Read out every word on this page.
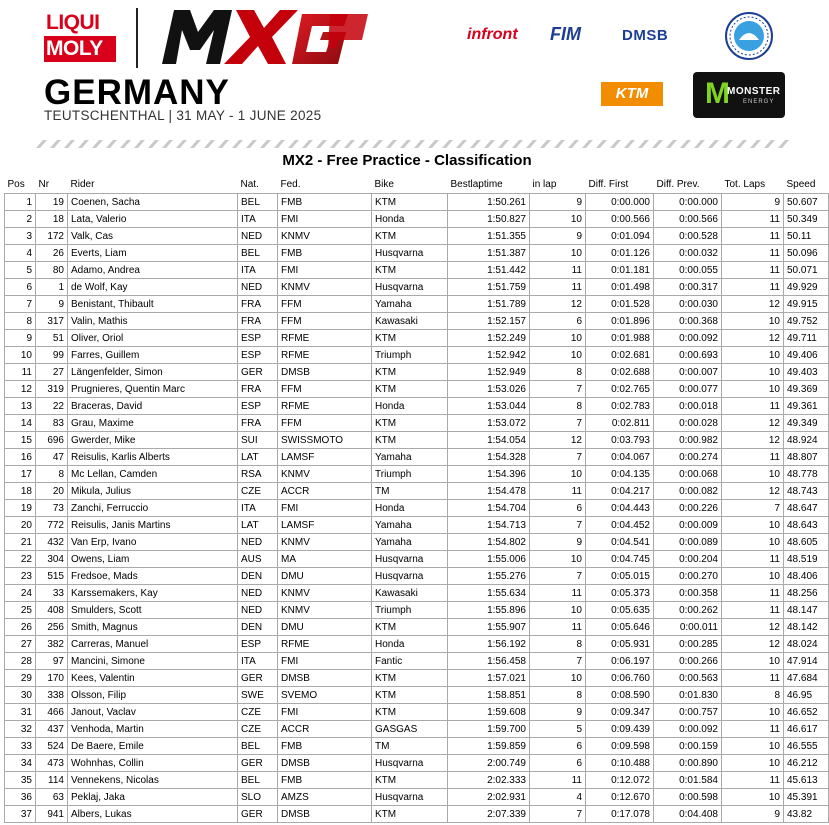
LIQUI
MOLY
MXGP
GERMANY
TEUTSCHENTHAL | 31 MAY - 1 JUNE 2025
infront FIM	DMSB
KTM	M
MONSTER
ENERGY
MX2 - Free Practice - Classification
Pos	Nr	Rider	Nat.	Fed.	Bike	Bestlaptime	in lap	Diff. First	Diff. Prev.	Tot. Laps	Speed
1	19	Coenen, Sacha	BEL	FMB	KTM	1:50.261	9	0:00.000	0:00.000	9	50.607
2	18	Lata, Valerio	ITA	FMI	Honda	1:50.827	10	0:00.566	0:00.566	11	50.349
3	172	Valk, Cas	NED	KNMV	KTM	1:51.355	9	0:01.094	0:00.528	11	50.11
4	26	Everts, Liam	BEL	FMB	Husqvarna	1:51.387	10	0:01.126	0:00.032	11	50.096
5	80	Adamo, Andrea	ITA	FMI	KTM	1:51.442	11	0:01.181	0:00.055	11	50.071
6	1	de Wolf, Kay	NED	KNMV	Husqvarna	1:51.759	11	0:01.498	0:00.317	11	49.929
7	9	Benistant, Thibault	FRA	FFM	Yamaha	1:51.789	12	0:01.528	0:00.030	12	49.915
8	317	Valin, Mathis	FRA	FFM	Kawasaki	1:52.157	6	0:01.896	0:00.368	10	49.752
9	51	Oliver, Oriol	ESP	RFME	KTM	1:52.249	10	0:01.988	0:00.092	12	49.711
10	99	Farres, Guillem	ESP	RFME	Triumph	1:52.942	10	0:02.681	0:00.693	10	49.406
11	27	Längenfelder, Simon	GER	DMSB	KTM	1:52.949	8	0:02.688	0:00.007	10	49.403
12	319	Prugnieres, Quentin Marc	FRA	FFM	KTM	1:53.026	7	0:02.765	0:00.077	10	49.369
13	22	Braceras, David	ESP	RFME	Honda	1:53.044	8	0:02.783	0:00.018	11	49.361
14	83	Grau, Maxime	FRA	FFM	KTM	1:53.072	7	0:02.811	0:00.028	12	49.349
15	696	Gwerder, Mike	SUI	SWISSMOTO	KTM	1:54.054	12	0:03.793	0:00.982	12	48.924
16	47	Reisulis, Karlis Alberts	LAT	LAMSF	Yamaha	1:54.328	7	0:04.067	0:00.274	11	48.807
17	8	Mc Lellan, Camden	RSA	KNMV	Triumph	1:54.396	10	0:04.135	0:00.068	10	48.778
18	20	Mikula, Julius	CZE	ACCR	TM	1:54.478	11	0:04.217	0:00.082	12	48.743
19	73	Zanchi, Ferruccio	ITA	FMI	Honda	1:54.704	6	0:04.443	0:00.226	7	48.647
20	772	Reisulis, Janis Martins	LAT	LAMSF	Yamaha	1:54.713	7	0:04.452	0:00.009	10	48.643
21	432	Van Erp, Ivano	NED	KNMV	Yamaha	1:54.802	9	0:04.541	0:00.089	10	48.605
22	304	Owens, Liam	AUS	MA	Husqvarna	1:55.006	10	0:04.745	0:00.204	11	48.519
23	515	Fredsoe, Mads	DEN	DMU	Husqvarna	1:55.276	7	0:05.015	0:00.270	10	48.406
24	33	Karssemakers, Kay	NED	KNMV	Kawasaki	1:55.634	11	0:05.373	0:00.358	11	48.256
25	408	Smulders, Scott	NED	KNMV	Triumph	1:55.896	10	0:05.635	0:00.262	11	48.147
26	256	Smith, Magnus	DEN	DMU	KTM	1:55.907	11	0:05.646	0:00.011	12	48.142
27	382	Carreras, Manuel	ESP	RFME	Honda	1:56.192	8	0:05.931	0:00.285	12	48.024
28	97	Mancini, Simone	ITA	FMI	Fantic	1:56.458	7	0:06.197	0:00.266	10	47.914
29	170	Kees, Valentin	GER	DMSB	KTM	1:57.021	10	0:06.760	0:00.563	11	47.684
30	338	Olsson, Filip	SWE	SVEMO	KTM	1:58.851	8	0:08.590	0:01.830	8	46.95
31	466	Janout, Vaclav	CZE	FMI	KTM	1:59.608	9	0:09.347	0:00.757	10	46.652
32	437	Venhoda, Martin	CZE	ACCR	GASGAS	1:59.700	5	0:09.439	0:00.092	11	46.617
33	524	De Baere, Emile	BEL	FMB	TM	1:59.859	6	0:09.598	0:00.159	10	46.555
34	473	Wohnhas, Collin	GER	DMSB	Husqvarna	2:00.749	6	0:10.488	0:00.890	10	46.212
35	114	Vennekens, Nicolas	BEL	FMB	KTM	2:02.333	11	0:12.072	0:01.584	11	45.613
36	63	Peklaj, Jaka	SLO	AMZS	Husqvarna	2:02.931	4	0:12.670	0:00.598	10	45.391
37	941	Albers, Lukas	GER	DMSB	KTM	2:07.339	7	0:17.078	0:04.408	9	43.82
